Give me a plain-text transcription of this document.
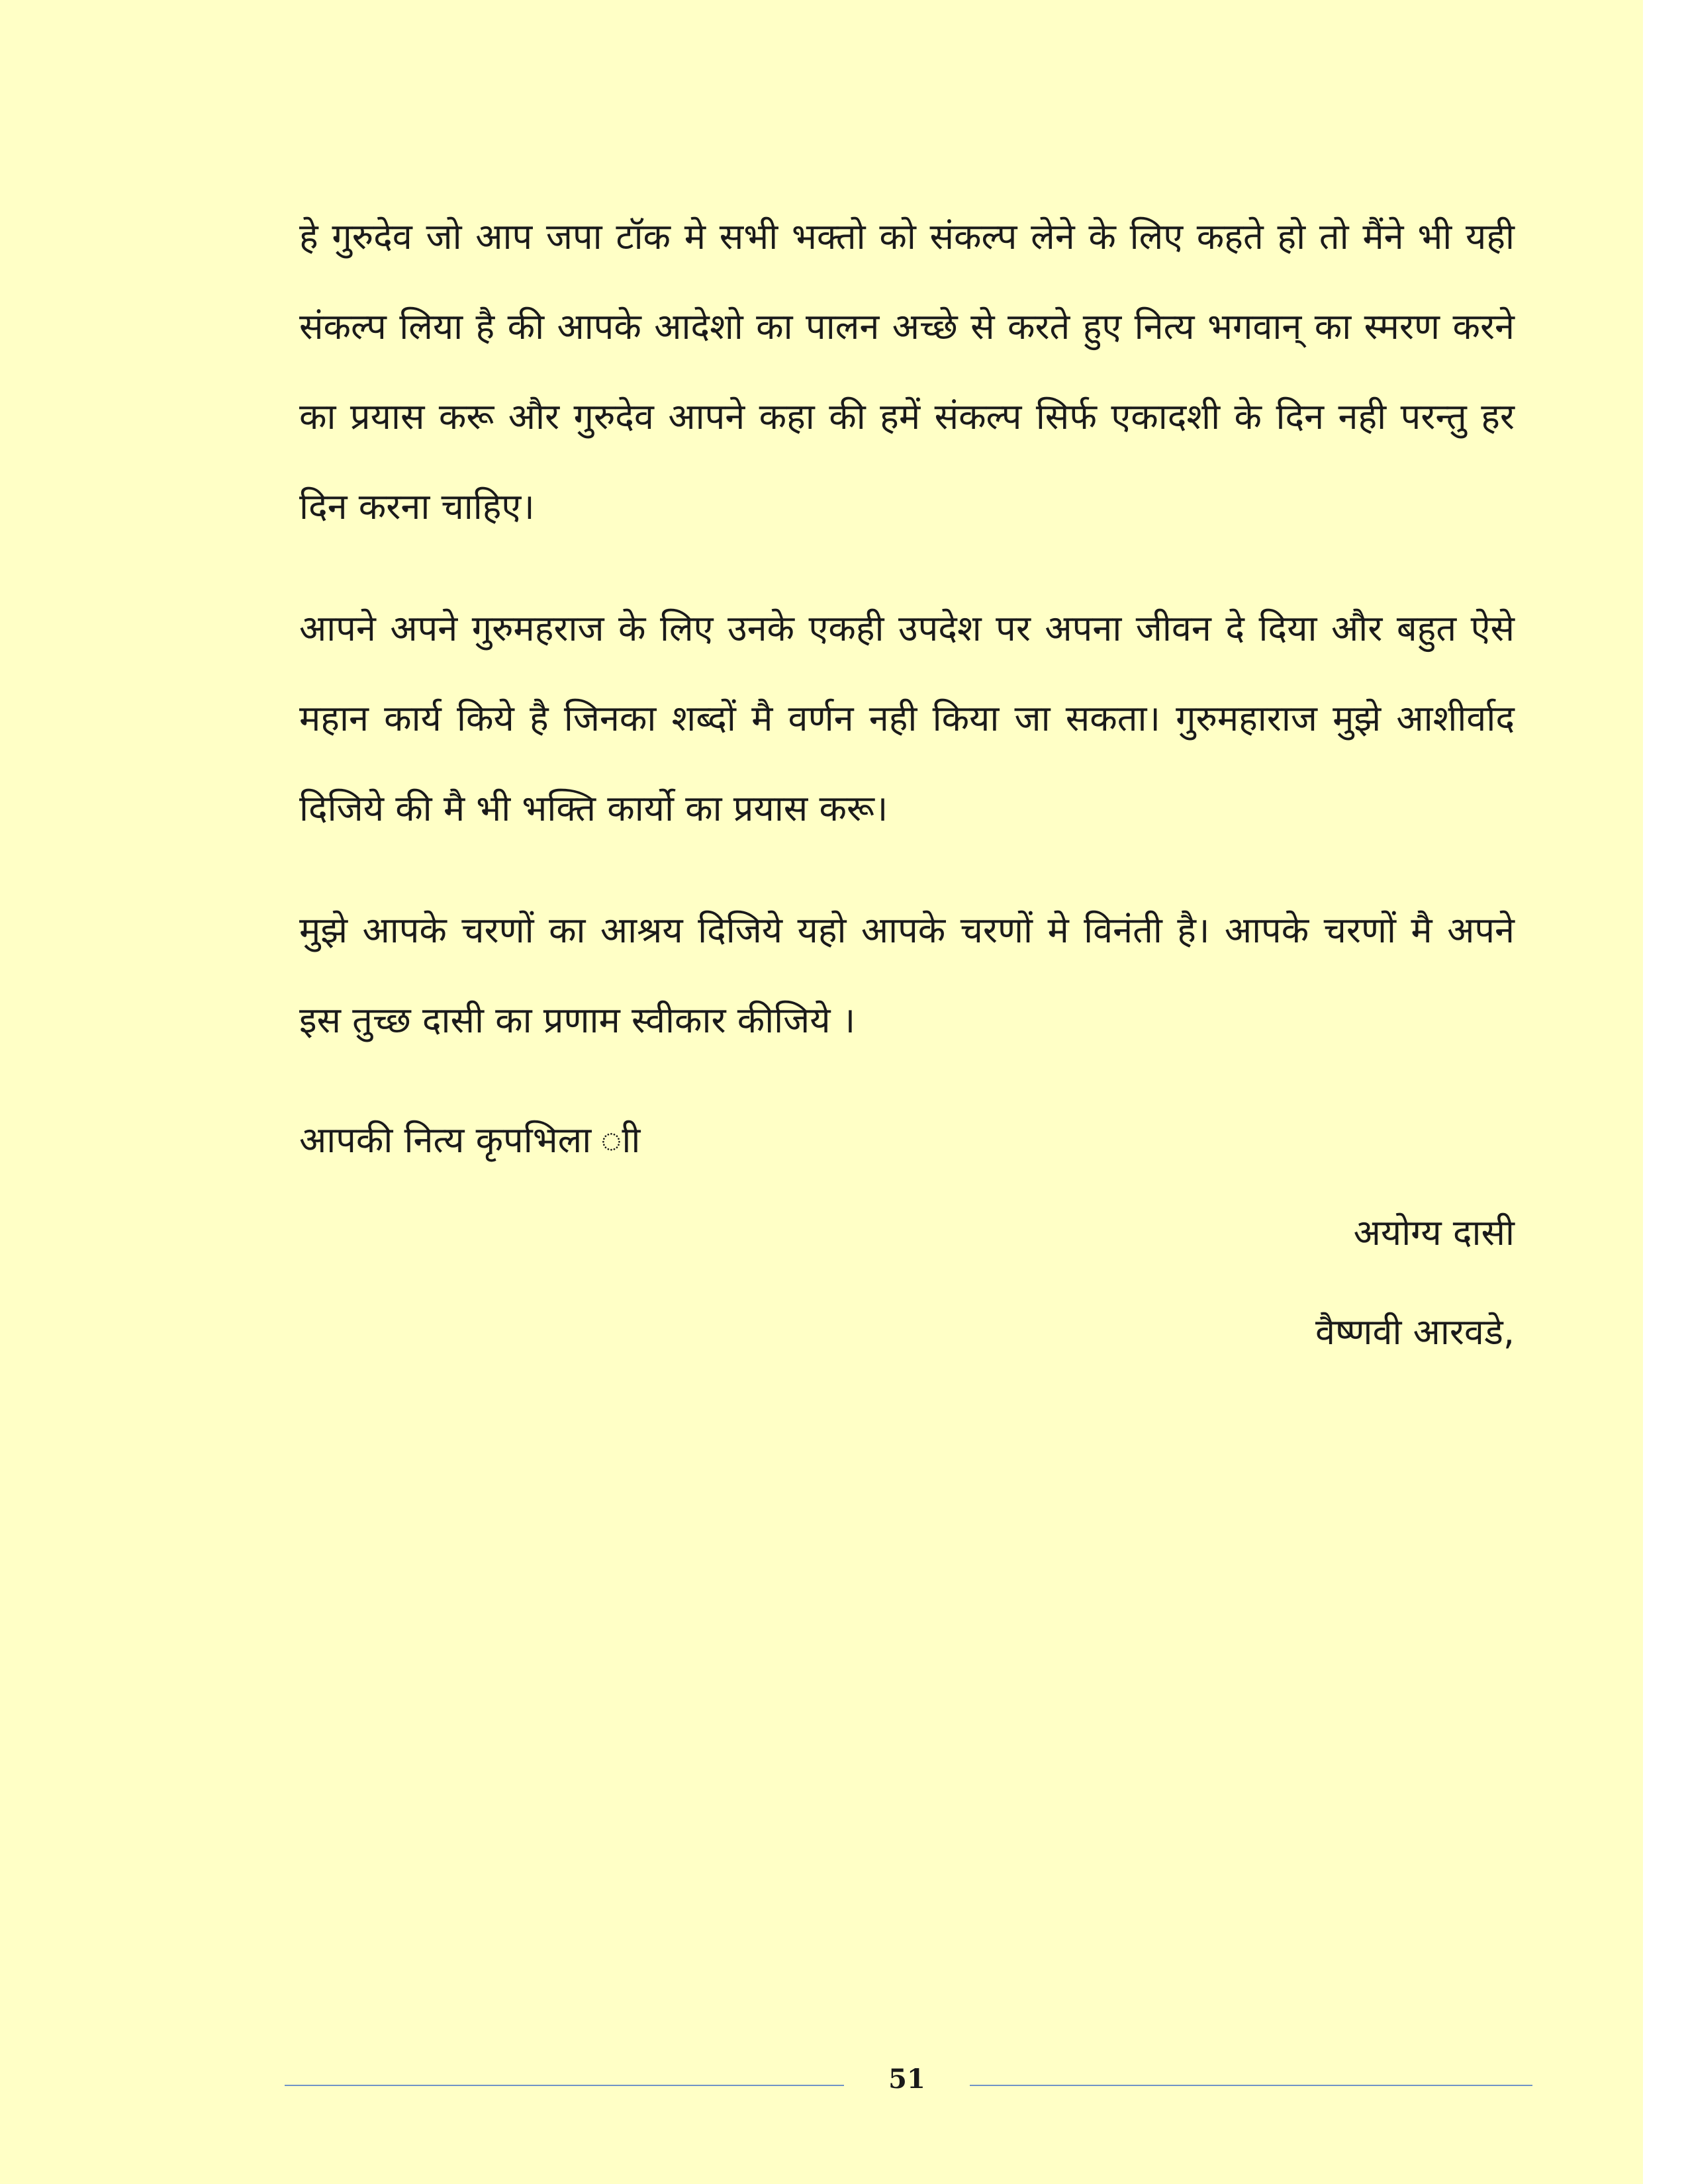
हे गुरुदेव जो आप जपा टॉक मे सभी भक्तो को संकल्प लेने के लिए कहते हो तो मैंने भी यही संकल्प लिया है की आपके आदेशो का पालन अच्छे से करते हुए नित्य भगवान् का स्मरण करने का प्रयास करू और गुरुदेव आपने कहा की हमें संकल्प सिर्फ एकादशी के दिन नही परन्तु हर दिन करना चाहिए।

आपने अपने गुरुमहराज के लिए उनके एकही उपदेश पर अपना जीवन दे दिया और बहुत ऐसे महान कार्य किये है जिनका शब्दों मै वर्णन नही किया जा सकता। गुरुमहाराज मुझे आशीर्वाद दिजिये की मै भी भक्ति कार्यो का प्रयास करू।

मुझे आपके चरणों का आश्रय दिजिये यहो आपके चरणों मे विनंती है। आपके चरणों मै अपने इस तुच्छ दासी का प्रणाम स्वीकार कीजिये ।

आपकी नित्य कृपभिला ाी

अयोग्य दासी

वैष्णवी आरवडे,

51
